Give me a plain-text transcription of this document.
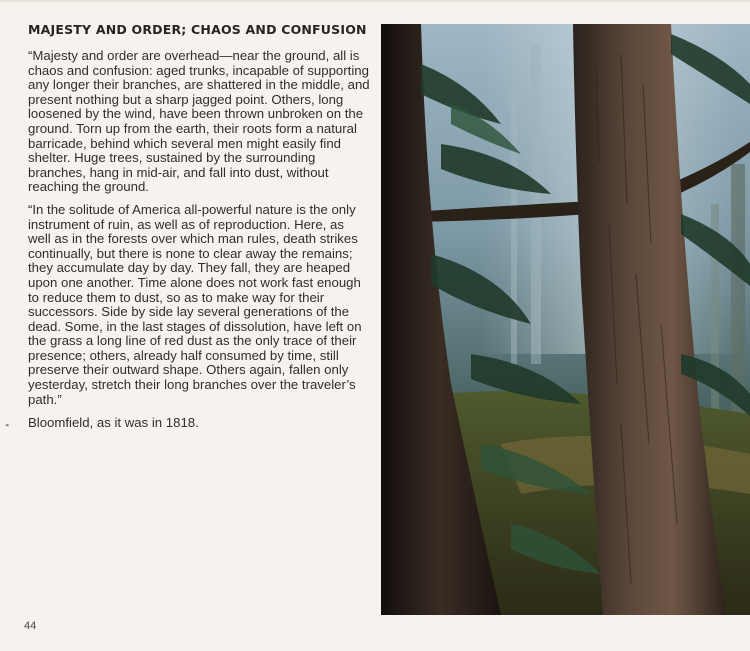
MAJESTY AND ORDER; CHAOS AND CONFUSION

“Majesty and order are overhead—near the ground, all is chaos and confusion: aged trunks, incapable of supporting any longer their branches, are shattered in the middle, and present nothing but a sharp jagged point. Others, long loosened by the wind, have been thrown unbroken on the ground. Torn up from the earth, their roots form a natural barricade, behind which several men might easily find shelter. Huge trees, sustained by the surrounding branches, hang in mid-air, and fall into dust, without reaching the ground.

“In the solitude of America all-powerful nature is the only instrument of ruin, as well as of reproduction. Here, as well as in the forests over which man rules, death strikes continually, but there is none to clear away the remains; they accumulate day by day. They fall, they are heaped upon one another. Time alone does not work fast enough to reduce them to dust, so as to make way for their successors. Side by side lay several generations of the dead. Some, in the last stages of dissolution, have left on the grass a long line of red dust as the only trace of their presence; others, already half consumed by time, still preserve their outward shape. Others again, fallen only yesterday, stretch their long branches over the traveler’s path.”

◂ Bloomfield, as it was in 1818.

44
